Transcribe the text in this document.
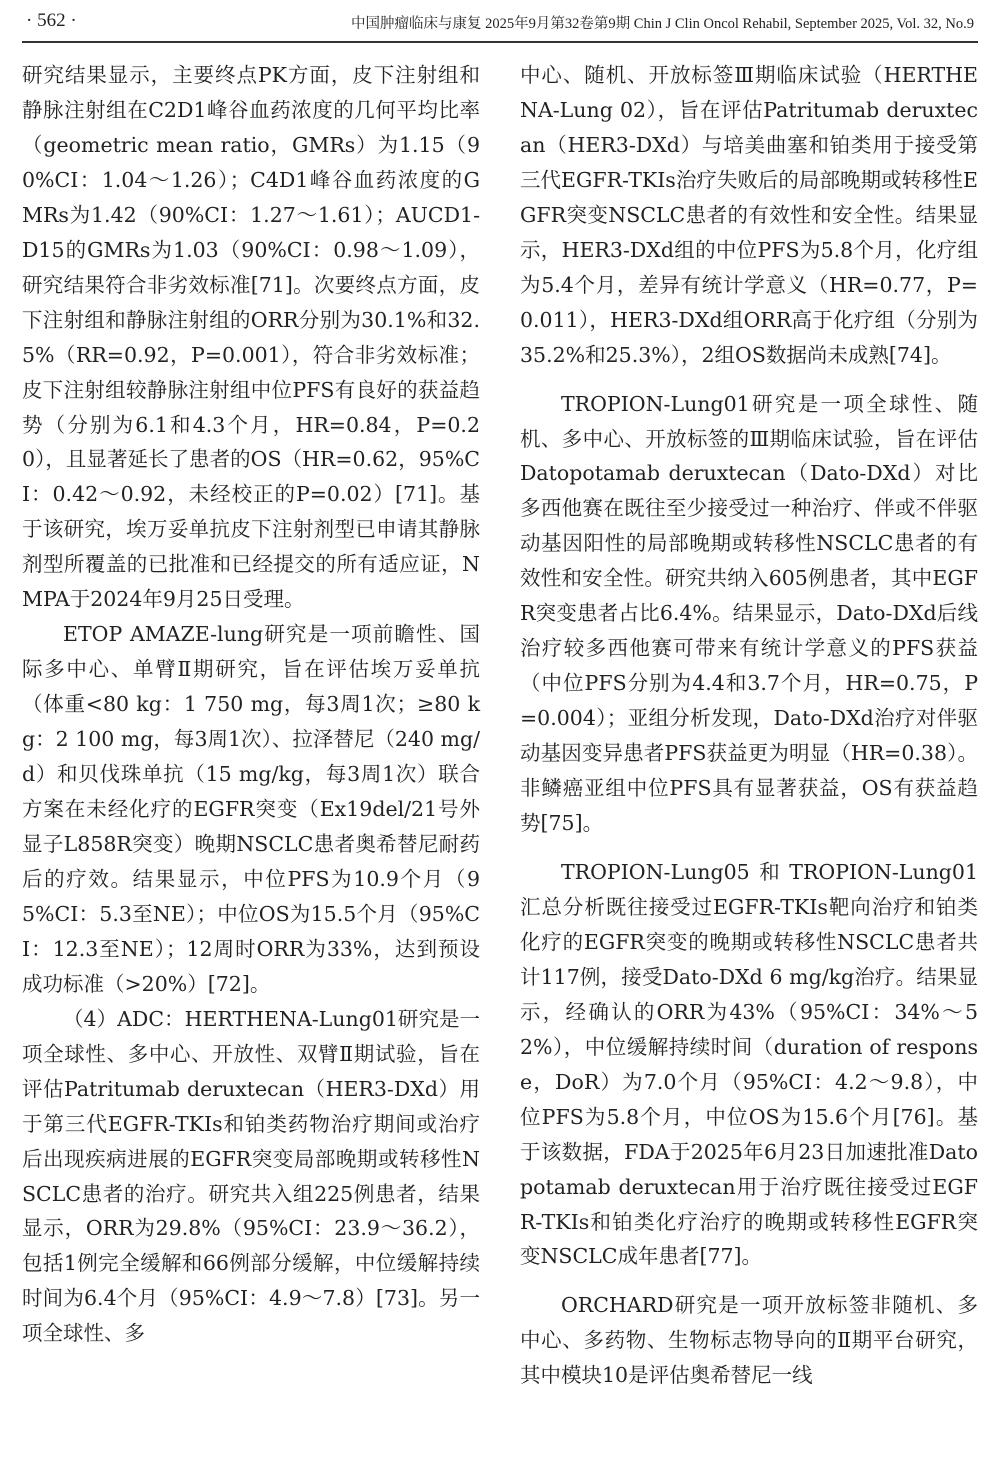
· 562 ·	中国肿瘤临床与康复 2025年9月第32卷第9期 Chin J Clin Oncol Rehabil, September 2025, Vol. 32, No.9

研究结果显示，主要终点PK方面，皮下注射组和静脉注射组在C2D1峰谷血药浓度的几何平均比率（geometric mean ratio，GMRs）为1.15（90%CI：1.04～1.26）；C4D1峰谷血药浓度的GMRs为1.42（90%CI：1.27～1.61）；AUCD1-D15的GMRs为1.03（90%CI：0.98～1.09），研究结果符合非劣效标准[71]。次要终点方面，皮下注射组和静脉注射组的ORR分别为30.1%和32.5%（RR=0.92，P=0.001），符合非劣效标准；皮下注射组较静脉注射组中位PFS有良好的获益趋势（分别为6.1和4.3个月，HR=0.84，P=0.20），且显著延长了患者的OS（HR=0.62，95%CI：0.42～0.92，未经校正的P=0.02）[71]。基于该研究，埃万妥单抗皮下注射剂型已申请其静脉剂型所覆盖的已批准和已经提交的所有适应证，NMPA于2024年9月25日受理。

ETOP AMAZE-lung研究是一项前瞻性、国际多中心、单臂Ⅱ期研究，旨在评估埃万妥单抗（体重<80 kg：1 750 mg，每3周1次；≥80 kg：2 100 mg，每3周1次）、拉泽替尼（240 mg/d）和贝伐珠单抗（15 mg/kg，每3周1次）联合方案在未经化疗的EGFR突变（Ex19del/21号外显子L858R突变）晚期NSCLC患者奥希替尼耐药后的疗效。结果显示，中位PFS为10.9个月（95%CI：5.3至NE）；中位OS为15.5个月（95%CI：12.3至NE）；12周时ORR为33%，达到预设成功标准（>20%）[72]。

（4）ADC：HERTHENA-Lung01研究是一项全球性、多中心、开放性、双臂Ⅱ期试验，旨在评估Patritumab deruxtecan（HER3-DXd）用于第三代EGFR-TKIs和铂类药物治疗期间或治疗后出现疾病进展的EGFR突变局部晚期或转移性NSCLC患者的治疗。研究共入组225例患者，结果显示，ORR为29.8%（95%CI：23.9～36.2），包括1例完全缓解和66例部分缓解，中位缓解持续时间为6.4个月（95%CI：4.9～7.8）[73]。另一项全球性、多

中心、随机、开放标签Ⅲ期临床试验（HERTHENA-Lung 02），旨在评估Patritumab deruxtecan（HER3-DXd）与培美曲塞和铂类用于接受第三代EGFR-TKIs治疗失败后的局部晚期或转移性EGFR突变NSCLC患者的有效性和安全性。结果显示，HER3-DXd组的中位PFS为5.8个月，化疗组为5.4个月，差异有统计学意义（HR=0.77，P=0.011），HER3-DXd组ORR高于化疗组（分别为35.2%和25.3%），2组OS数据尚未成熟[74]。

TROPION-Lung01研究是一项全球性、随机、多中心、开放标签的Ⅲ期临床试验，旨在评估Datopotamab deruxtecan（Dato-DXd）对比多西他赛在既往至少接受过一种治疗、伴或不伴驱动基因阳性的局部晚期或转移性NSCLC患者的有效性和安全性。研究共纳入605例患者，其中EGFR突变患者占比6.4%。结果显示，Dato-DXd后线治疗较多西他赛可带来有统计学意义的PFS获益（中位PFS分别为4.4和3.7个月，HR=0.75，P=0.004）；亚组分析发现，Dato-DXd治疗对伴驱动基因变异患者PFS获益更为明显（HR=0.38）。非鳞癌亚组中位PFS具有显著获益，OS有获益趋势[75]。

TROPION-Lung05和TROPION-Lung01汇总分析既往接受过EGFR-TKIs靶向治疗和铂类化疗的EGFR突变的晚期或转移性NSCLC患者共计117例，接受Dato-DXd 6 mg/kg治疗。结果显示，经确认的ORR为43%（95%CI：34%～52%），中位缓解持续时间（duration of response，DoR）为7.0个月（95%CI：4.2～9.8），中位PFS为5.8个月，中位OS为15.6个月[76]。基于该数据，FDA于2025年6月23日加速批准Datopotamab deruxtecan用于治疗既往接受过EGFR-TKIs和铂类化疗治疗的晚期或转移性EGFR突变NSCLC成年患者[77]。

ORCHARD研究是一项开放标签非随机、多中心、多药物、生物标志物导向的Ⅱ期平台研究，其中模块10是评估奥希替尼一线
